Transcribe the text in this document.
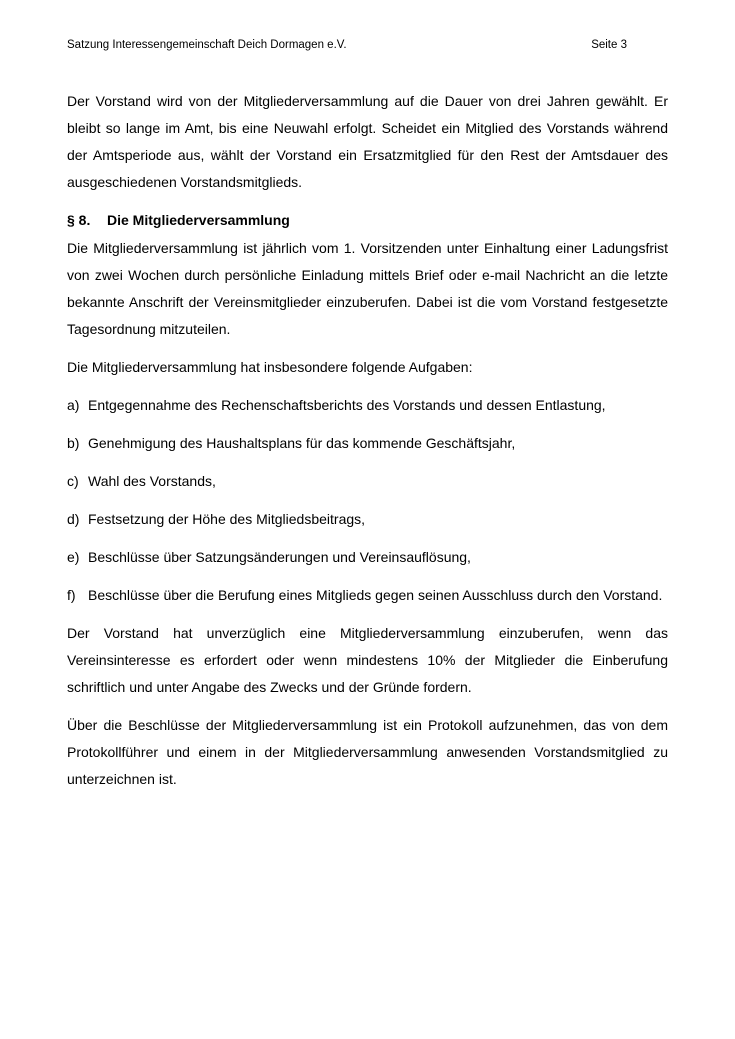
Satzung Interessengemeinschaft Deich Dormagen e.V.	Seite 3

Der Vorstand wird von der Mitgliederversammlung auf die Dauer von drei Jahren gewählt. Er bleibt so lange im Amt, bis eine Neuwahl erfolgt. Scheidet ein Mitglied des Vorstands während der Amtsperiode aus, wählt der Vorstand ein Ersatzmitglied für den Rest der Amtsdauer des ausgeschiedenen Vorstandsmitglieds.

§ 8.	Die Mitgliederversammlung

Die Mitgliederversammlung ist jährlich vom 1. Vorsitzenden unter Einhaltung einer Ladungsfrist von zwei Wochen durch persönliche Einladung mittels Brief oder e-mail Nachricht an die letzte bekannte Anschrift der Vereinsmitglieder einzuberufen. Dabei ist die vom Vorstand festgesetzte Tagesordnung mitzuteilen.

Die Mitgliederversammlung hat insbesondere folgende Aufgaben:

a) Entgegennahme des Rechenschaftsberichts des Vorstands und dessen Entlastung,
b) Genehmigung des Haushaltsplans für das kommende Geschäftsjahr,
c) Wahl des Vorstands,
d) Festsetzung der Höhe des Mitgliedsbeitrags,
e) Beschlüsse über Satzungsänderungen und Vereinsauflösung,
f) Beschlüsse über die Berufung eines Mitglieds gegen seinen Ausschluss durch den Vorstand.

Der Vorstand hat unverzüglich eine Mitgliederversammlung einzuberufen, wenn das Vereinsinteresse es erfordert oder wenn mindestens 10% der Mitglieder die Einberufung schriftlich und unter Angabe des Zwecks und der Gründe fordern.

Über die Beschlüsse der Mitgliederversammlung ist ein Protokoll aufzunehmen, das von dem Protokollführer und einem in der Mitgliederversammlung anwesenden Vorstandsmitglied zu unterzeichnen ist.
